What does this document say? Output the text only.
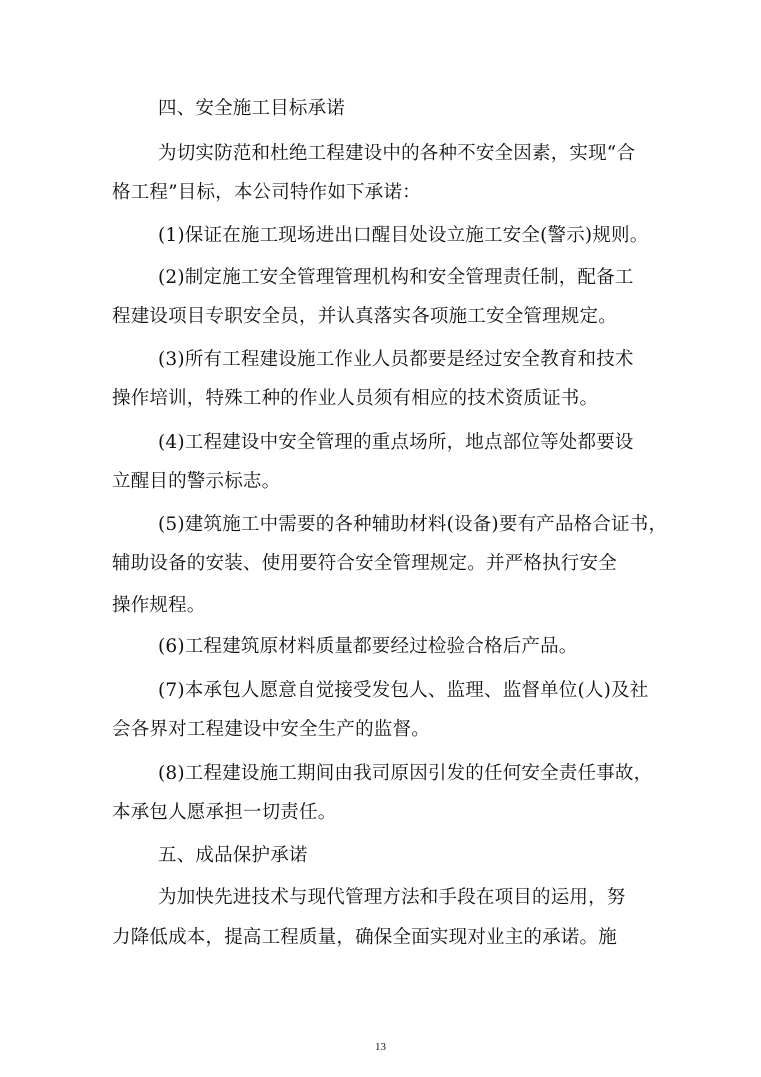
四、安全施工目标承诺

为切实防范和杜绝工程建设中的各种不安全因素，实现“合

格工程”目标，本公司特作如下承诺：

(1)保证在施工现场进出口醒目处设立施工安全(警示)规则。

(2)制定施工安全管理管理机构和安全管理责任制，配备工

程建设项目专职安全员，并认真落实各项施工安全管理规定。

(3)所有工程建设施工作业人员都要是经过安全教育和技术

操作培训，特殊工种的作业人员须有相应的技术资质证书。

(4)工程建设中安全管理的重点场所，地点部位等处都要设

立醒目的警示标志。

(5)建筑施工中需要的各种辅助材料(设备)要有产品格合证书，

辅助设备的安装、使用要符合安全管理规定。并严格执行安全

操作规程。

(6)工程建筑原材料质量都要经过检验合格后产品。

(7)本承包人愿意自觉接受发包人、监理、监督单位(人)及社

会各界对工程建设中安全生产的监督。

(8)工程建设施工期间由我司原因引发的任何安全责任事故，

本承包人愿承担一切责任。

五、成品保护承诺

为加快先进技术与现代管理方法和手段在项目的运用，努

力降低成本，提高工程质量，确保全面实现对业主的承诺。施

13
